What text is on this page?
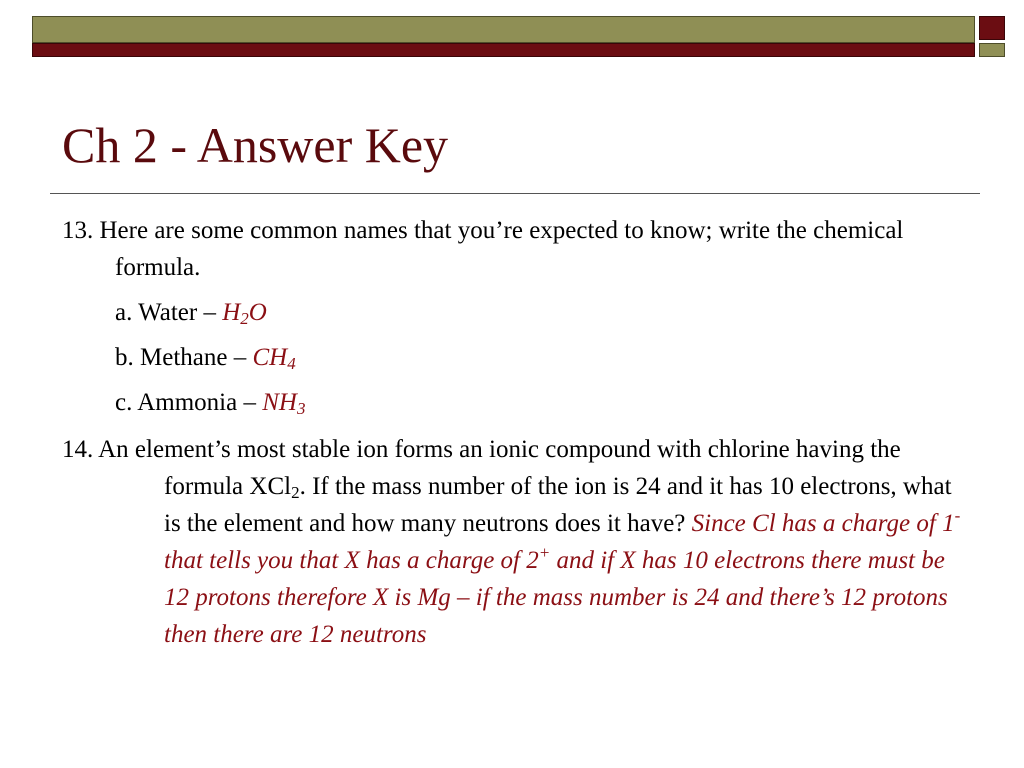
Ch 2 - Answer Key

13. Here are some common names that you’re expected to know; write the chemical formula.

a. Water – $H_2O$

b. Methane – $CH_4$

c. Ammonia – $NH_3$

14. An element’s most stable ion forms an ionic compound with chlorine having the formula XCl$_2$. If the mass number of the ion is 24 and it has 10 electrons, what is the element and how many neutrons does it have? Since Cl has a charge of 1- that tells you that X has a charge of 2+ and if X has 10 electrons there must be 12 protons therefore X is Mg – if the mass number is 24 and there’s 12 protons then there are 12 neutrons
